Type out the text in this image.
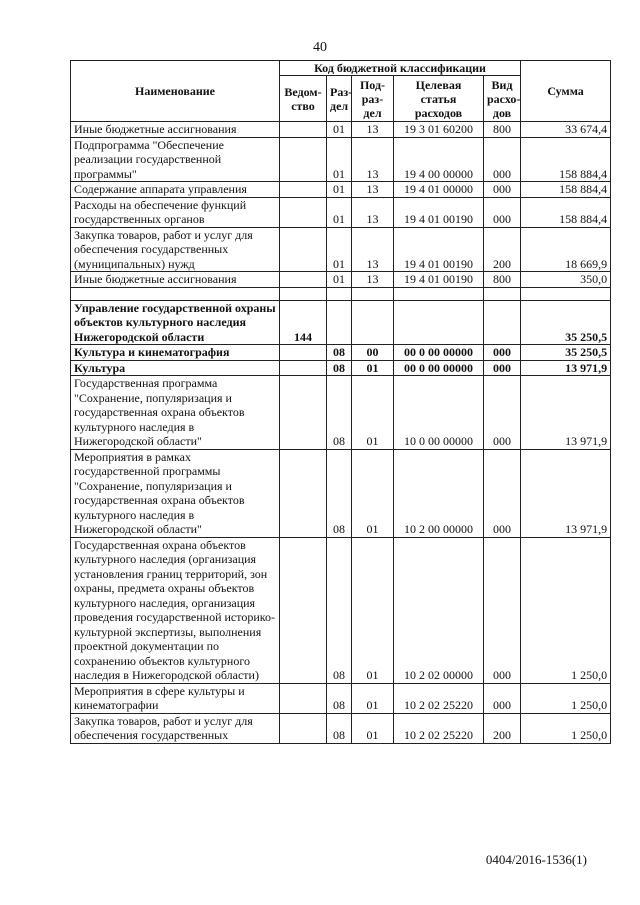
40
Наименование	Код бюджетной классификации					Сумма
	Ведом-ство	Раз-дел	Под-раз-дел	Целевая статья расходов	Вид расхо-дов	
Иные бюджетные ассигнования		01	13	19 3 01 60200	800	33 674,4
Подпрограмма "Обеспечение реализации государственной программы"		01	13	19 4 00 00000	000	158 884,4
Содержание аппарата управления		01	13	19 4 01 00000	000	158 884,4
Расходы на обеспечение функций государственных органов		01	13	19 4 01 00190	000	158 884,4
Закупка товаров, работ и услуг для обеспечения государственных (муниципальных) нужд		01	13	19 4 01 00190	200	18 669,9
Иные бюджетные ассигнования		01	13	19 4 01 00190	800	350,0

Управление государственной охраны объектов культурного наследия Нижегородской области	144					35 250,5
Культура и кинематография		08	00	00 0 00 00000	000	35 250,5
Культура		08	01	00 0 00 00000	000	13 971,9
Государственная программа "Сохранение, популяризация и государственная охрана объектов культурного наследия в Нижегородской области"		08	01	10 0 00 00000	000	13 971,9
Мероприятия в рамках государственной программы "Сохранение, популяризация и государственная охрана объектов культурного наследия в Нижегородской области"		08	01	10 2 00 00000	000	13 971,9
Государственная охрана объектов культурного наследия (организация установления границ территорий, зон охраны, предмета охраны объектов культурного наследия, организация проведения государственной историко-культурной экспертизы, выполнения проектной документации по сохранению объектов культурного наследия в Нижегородской области)		08	01	10 2 02 00000	000	1 250,0
Мероприятия в сфере культуры и кинематографии		08	01	10 2 02 25220	000	1 250,0
Закупка товаров, работ и услуг для обеспечения государственных		08	01	10 2 02 25220	200	1 250,0
0404/2016-1536(1)
